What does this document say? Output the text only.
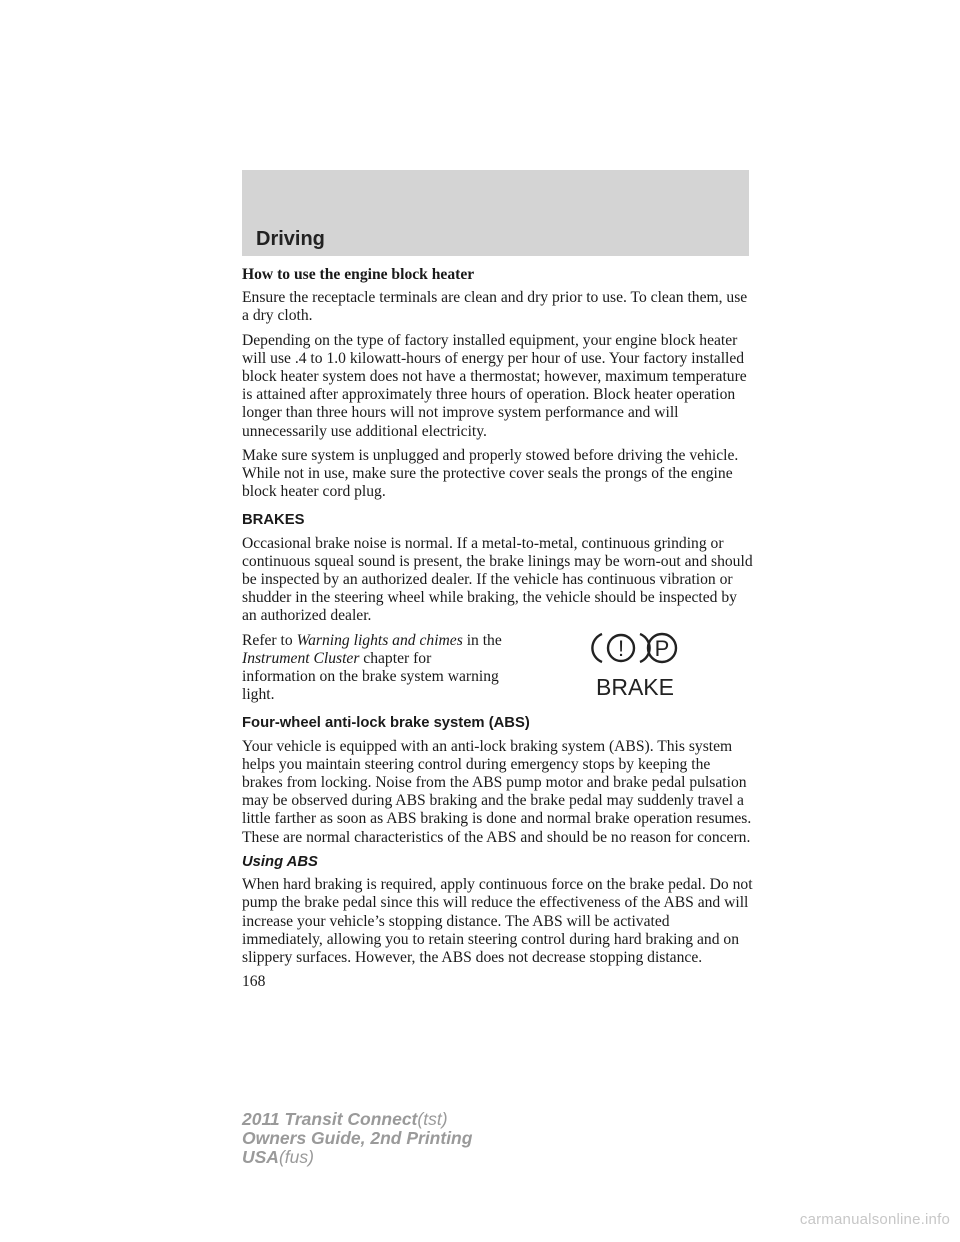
Driving

How to use the engine block heater

Ensure the receptacle terminals are clean and dry prior to use. To clean them, use a dry cloth.

Depending on the type of factory installed equipment, your engine block heater will use .4 to 1.0 kilowatt-hours of energy per hour of use. Your factory installed block heater system does not have a thermostat; however, maximum temperature is attained after approximately three hours of operation. Block heater operation longer than three hours will not improve system performance and will unnecessarily use additional electricity.

Make sure system is unplugged and properly stowed before driving the vehicle. While not in use, make sure the protective cover seals the prongs of the engine block heater cord plug.

BRAKES

Occasional brake noise is normal. If a metal-to-metal, continuous grinding or continuous squeal sound is present, the brake linings may be worn-out and should be inspected by an authorized dealer. If the vehicle has continuous vibration or shudder in the steering wheel while braking, the vehicle should be inspected by an authorized dealer.

Refer to Warning lights and chimes in the Instrument Cluster chapter for information on the brake system warning light.

! P
BRAKE
Four-wheel anti-lock brake system (ABS)

Your vehicle is equipped with an anti-lock braking system (ABS). This system helps you maintain steering control during emergency stops by keeping the brakes from locking. Noise from the ABS pump motor and brake pedal pulsation may be observed during ABS braking and the brake pedal may suddenly travel a little farther as soon as ABS braking is done and normal brake operation resumes. These are normal characteristics of the ABS and should be no reason for concern.

Using ABS

When hard braking is required, apply continuous force on the brake pedal. Do not pump the brake pedal since this will reduce the effectiveness of the ABS and will increase your vehicle’s stopping distance. The ABS will be activated immediately, allowing you to retain steering control during hard braking and on slippery surfaces. However, the ABS does not decrease stopping distance.

168
2011 Transit Connect(tst)
Owners Guide, 2nd Printing
USA(fus)
carmanualsonline.info
